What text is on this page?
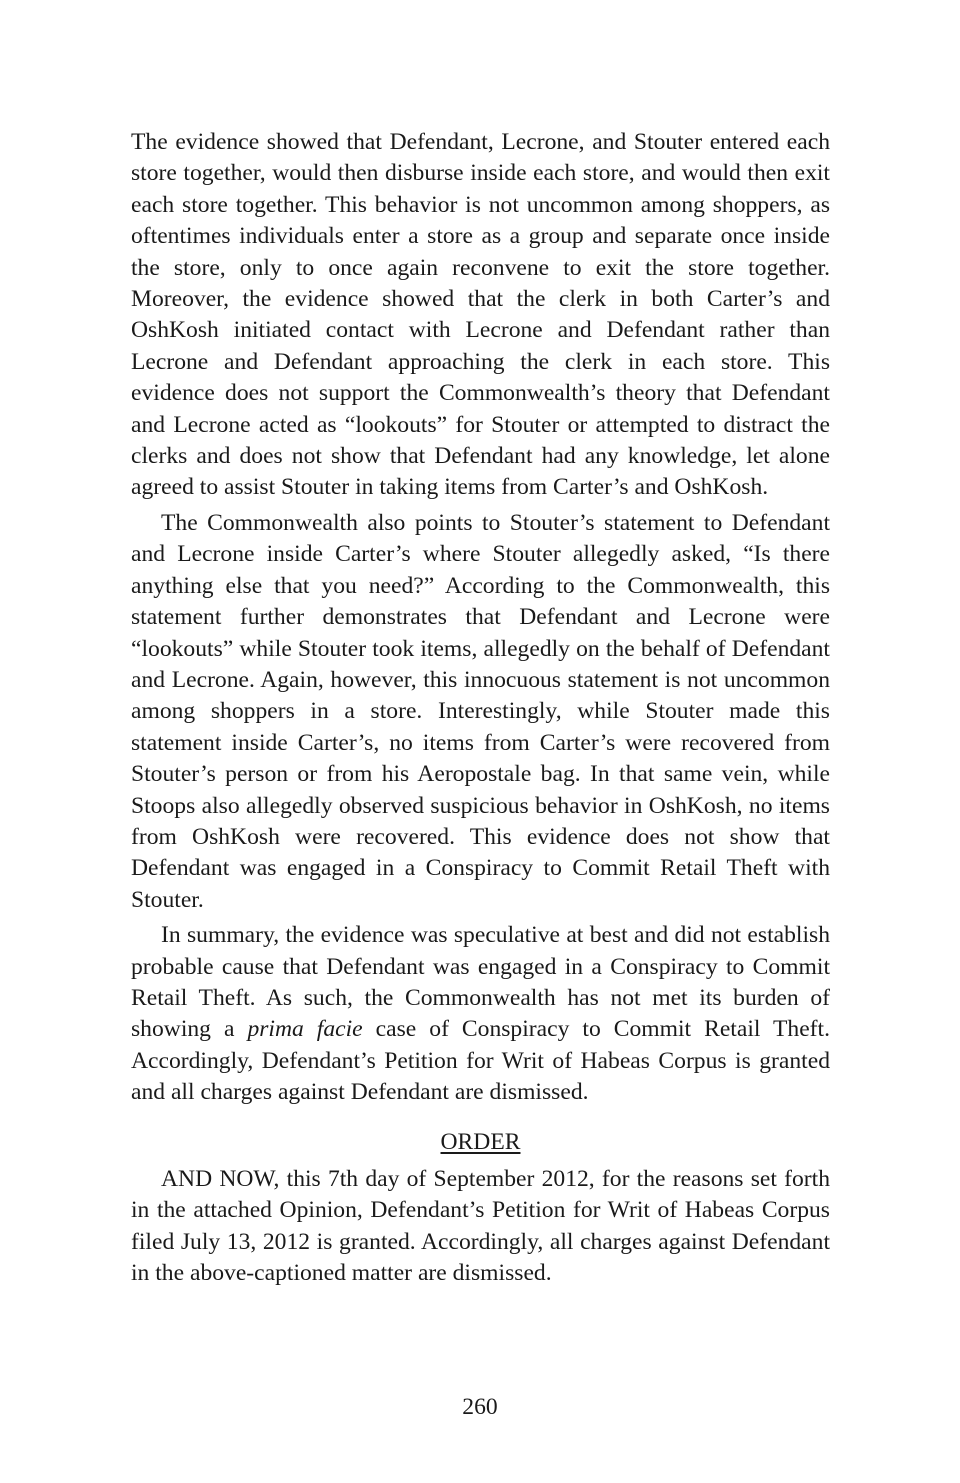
The evidence showed that Defendant, Lecrone, and Stouter entered each store together, would then disburse inside each store, and would then exit each store together. This behavior is not uncommon among shoppers, as oftentimes individuals enter a store as a group and separate once inside the store, only to once again reconvene to exit the store together. Moreover, the evidence showed that the clerk in both Carter’s and OshKosh initiated contact with Lecrone and Defendant rather than Lecrone and Defendant approaching the clerk in each store. This evidence does not support the Commonwealth’s theory that Defendant and Lecrone acted as “lookouts” for Stouter or attempted to distract the clerks and does not show that Defendant had any knowledge, let alone agreed to assist Stouter in taking items from Carter’s and OshKosh.

The Commonwealth also points to Stouter’s statement to Defendant and Lecrone inside Carter’s where Stouter allegedly asked, “Is there anything else that you need?” According to the Commonwealth, this statement further demonstrates that Defendant and Lecrone were “lookouts” while Stouter took items, allegedly on the behalf of Defendant and Lecrone. Again, however, this innocuous statement is not uncommon among shoppers in a store. Interestingly, while Stouter made this statement inside Carter’s, no items from Carter’s were recovered from Stouter’s person or from his Aeropostale bag. In that same vein, while Stoops also allegedly observed suspicious behavior in OshKosh, no items from OshKosh were recovered. This evidence does not show that Defendant was engaged in a Conspiracy to Commit Retail Theft with Stouter.

In summary, the evidence was speculative at best and did not establish probable cause that Defendant was engaged in a Conspiracy to Commit Retail Theft. As such, the Commonwealth has not met its burden of showing a prima facie case of Conspiracy to Commit Retail Theft. Accordingly, Defendant’s Petition for Writ of Habeas Corpus is granted and all charges against Defendant are dismissed.

ORDER

AND NOW, this 7th day of September 2012, for the reasons set forth in the attached Opinion, Defendant’s Petition for Writ of Habeas Corpus filed July 13, 2012 is granted. Accordingly, all charges against Defendant in the above-captioned matter are dismissed.

260
